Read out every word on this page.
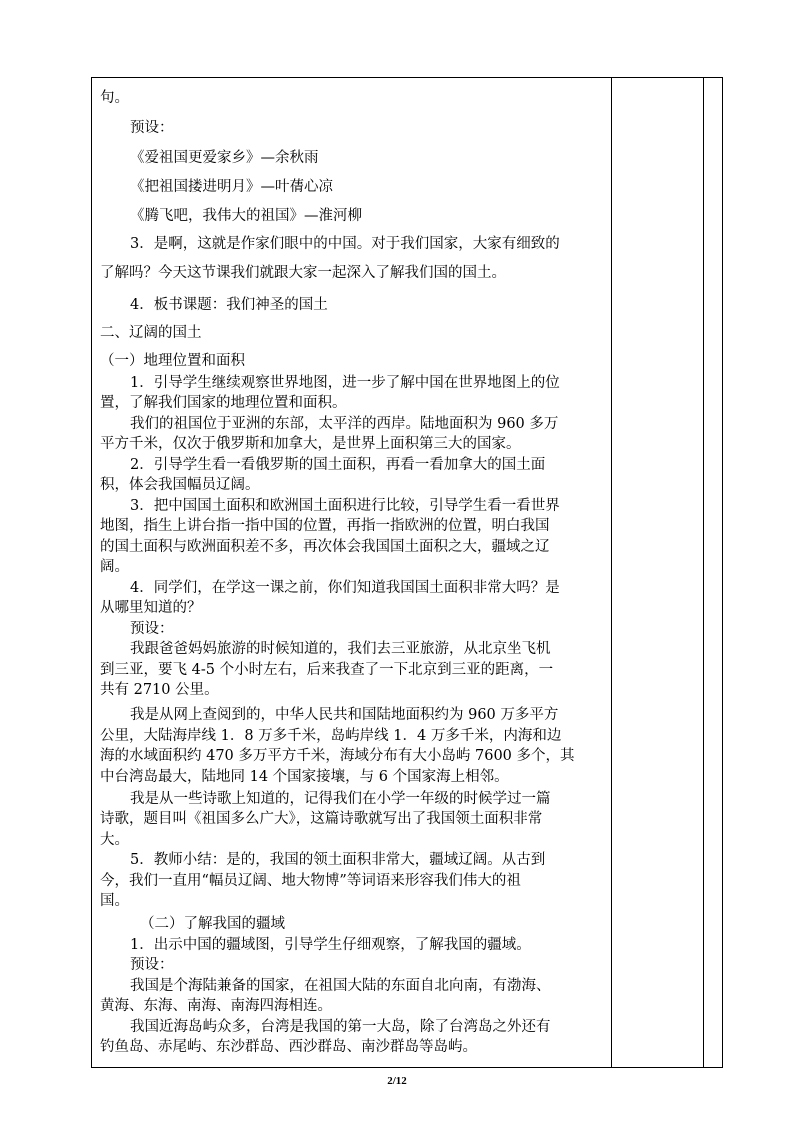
句。
预设：
《爱祖国更爱家乡》—余秋雨
《把祖国搂进明月》—叶蒨心凉
《腾飞吧，我伟大的祖国》—淮河柳
3．是啊，这就是作家们眼中的中国。对于我们国家，大家有细致的
了解吗？今天这节课我们就跟大家一起深入了解我们国的国土。
4．板书课题：我们神圣的国土
二、辽阔的国土
（一）地理位置和面积
1．引导学生继续观察世界地图，进一步了解中国在世界地图上的位
置，了解我们国家的地理位置和面积。
我们的祖国位于亚洲的东部，太平洋的西岸。陆地面积为 960 多万
平方千米，仅次于俄罗斯和加拿大，是世界上面积第三大的国家。
2．引导学生看一看俄罗斯的国土面积，再看一看加拿大的国土面
积，体会我国幅员辽阔。
3．把中国国土面积和欧洲国土面积进行比较，引导学生看一看世界
地图，指生上讲台指一指中国的位置，再指一指欧洲的位置，明白我国
的国土面积与欧洲面积差不多，再次体会我国国土面积之大，疆域之辽
阔。
4．同学们，在学这一课之前，你们知道我国国土面积非常大吗？是
从哪里知道的？
预设：
我跟爸爸妈妈旅游的时候知道的，我们去三亚旅游，从北京坐飞机
到三亚，要飞 4-5 个小时左右，后来我查了一下北京到三亚的距离，一
共有 2710 公里。
我是从网上查阅到的，中华人民共和国陆地面积约为 960 万多平方
公里，大陆海岸线 1．8 万多千米，岛屿岸线 1．4 万多千米，内海和边
海的水域面积约 470 多万平方千米，海域分布有大小岛屿 7600 多个，其
中台湾岛最大，陆地同 14 个国家接壤，与 6 个国家海上相邻。
我是从一些诗歌上知道的，记得我们在小学一年级的时候学过一篇
诗歌，题目叫《祖国多么广大》，这篇诗歌就写出了我国领土面积非常
大。
5．教师小结：是的，我国的领土面积非常大，疆域辽阔。从古到
今，我们一直用“幅员辽阔、地大物博”等词语来形容我们伟大的祖
国。
（二）了解我国的疆域
1．出示中国的疆域图，引导学生仔细观察，了解我国的疆域。
预设：
我国是个海陆兼备的国家，在祖国大陆的东面自北向南，有渤海、
黄海、东海、南海、南海四海相连。
我国近海岛屿众多，台湾是我国的第一大岛，除了台湾岛之外还有
钓鱼岛、赤尾屿、东沙群岛、西沙群岛、南沙群岛等岛屿。
2/12
